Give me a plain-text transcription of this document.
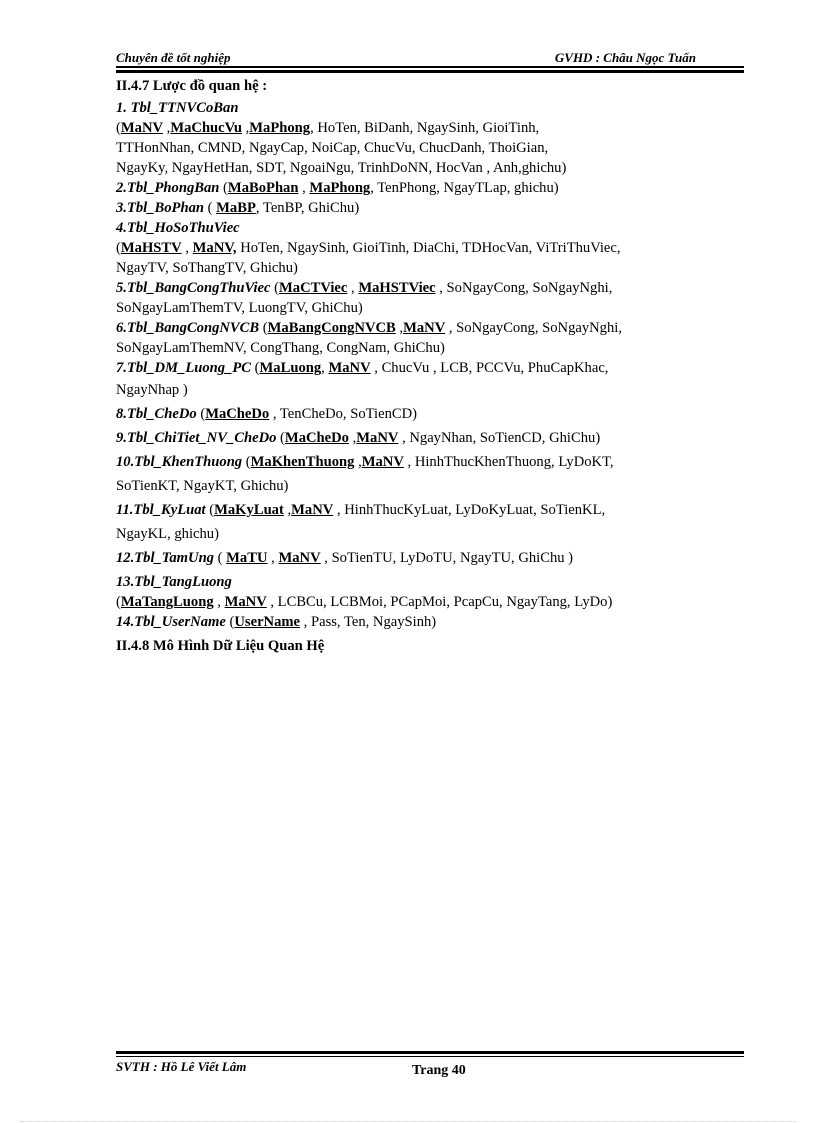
Chuyên đề tốt nghiệp	GVHD : Châu Ngọc Tuấn
II.4.7 Lược đồ quan hệ :
1. Tbl_TTNVCoBan
(MaNV ,MaChucVu ,MaPhong, HoTen, BiDanh, NgaySinh, GioiTinh,
TTHonNhan, CMND, NgayCap, NoiCap, ChucVu, ChucDanh, ThoiGian,
NgayKy, NgayHetHan, SDT, NgoaiNgu, TrinhDoNN, HocVan , Anh,ghichu)
2.Tbl_PhongBan (MaBoPhan , MaPhong, TenPhong, NgayTLap, ghichu)
3.Tbl_BoPhan ( MaBP, TenBP, GhiChu)
4.Tbl_HoSoThuViec
(MaHSTV , MaNV, HoTen, NgaySinh, GioiTinh, DiaChi, TDHocVan, ViTriThuViec,
NgayTV, SoThangTV, Ghichu)
5.Tbl_BangCongThuViec (MaCTViec , MaHSTViec , SoNgayCong, SoNgayNghi,
SoNgayLamThemTV, LuongTV, GhiChu)
6.Tbl_BangCongNVCB (MaBangCongNVCB ,MaNV , SoNgayCong, SoNgayNghi,
SoNgayLamThemNV, CongThang, CongNam, GhiChu)
7.Tbl_DM_Luong_PC (MaLuong, MaNV , ChucVu , LCB, PCCVu, PhuCapKhac,
NgayNhap )
8.Tbl_CheDo (MaCheDo , TenCheDo, SoTienCD)
9.Tbl_ChiTiet_NV_CheDo (MaCheDo ,MaNV , NgayNhan, SoTienCD, GhiChu)
10.Tbl_KhenThuong (MaKhenThuong ,MaNV , HinhThucKhenThuong, LyDoKT,
SoTienKT, NgayKT, Ghichu)
11.Tbl_KyLuat (MaKyLuat ,MaNV , HinhThucKyLuat, LyDoKyLuat, SoTienKL,
NgayKL, ghichu)
12.Tbl_TamUng ( MaTU , MaNV , SoTienTU, LyDoTU, NgayTU, GhiChu )
13.Tbl_TangLuong
(MaTangLuong , MaNV , LCBCu, LCBMoi, PCapMoi, PcapCu, NgayTang, LyDo)
14.Tbl_UserName (UserName , Pass, Ten, NgaySinh)
II.4.8 Mô Hình Dữ Liệu Quan Hệ
SVTH : Hồ Lê Viết Lâm	Trang 40
